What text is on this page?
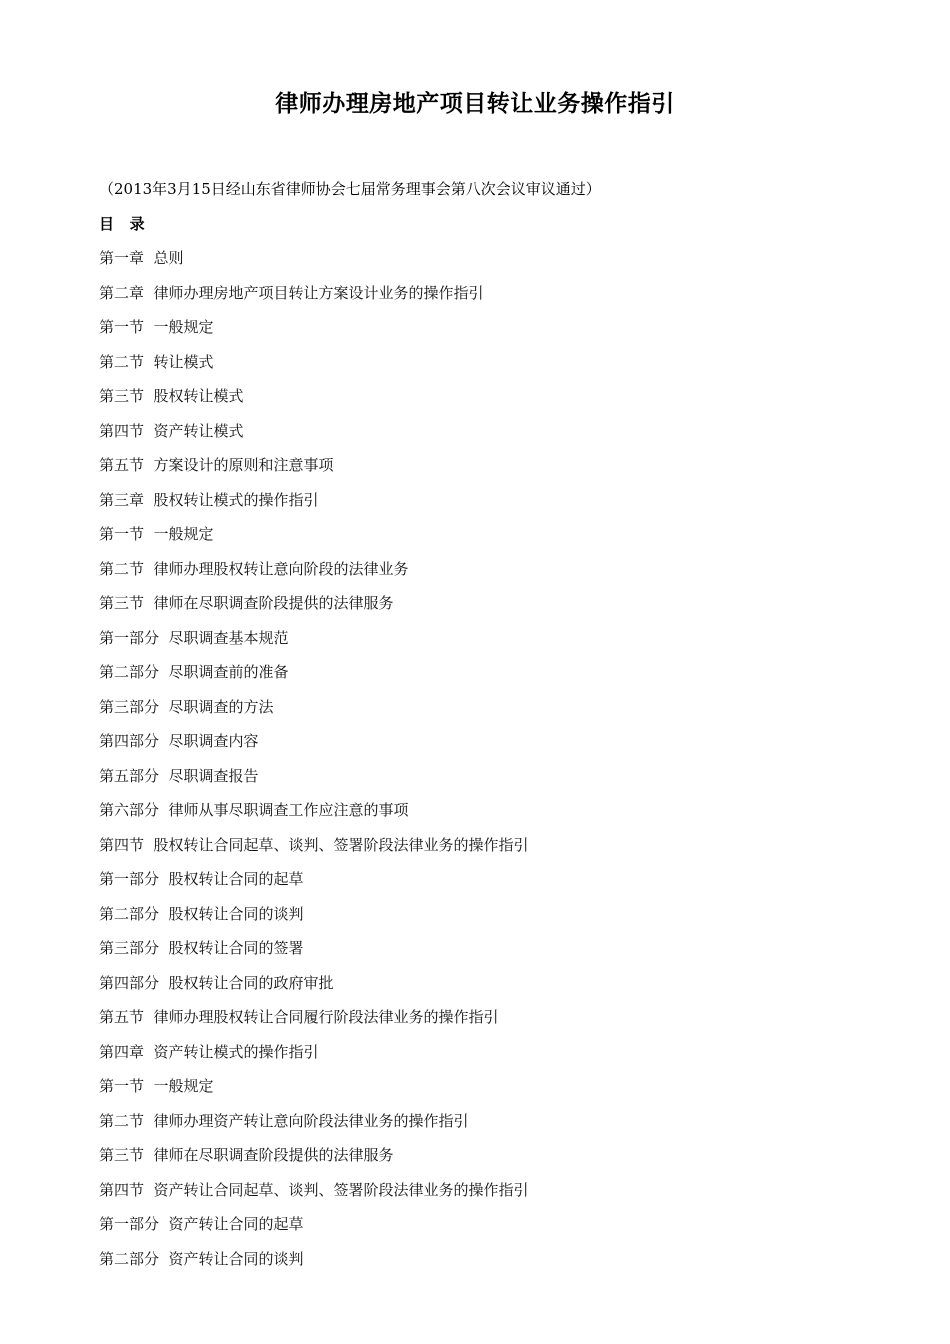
律师办理房地产项目转让业务操作指引
（2013年3月15日经山东省律师协会七届常务理事会第八次会议审议通过）
目   录
第一章  总则
第二章  律师办理房地产项目转让方案设计业务的操作指引
第一节  一般规定
第二节  转让模式
第三节  股权转让模式
第四节  资产转让模式
第五节  方案设计的原则和注意事项
第三章  股权转让模式的操作指引
第一节  一般规定
第二节  律师办理股权转让意向阶段的法律业务
第三节  律师在尽职调查阶段提供的法律服务
第一部分  尽职调查基本规范
第二部分  尽职调查前的准备
第三部分  尽职调查的方法
第四部分  尽职调查内容
第五部分  尽职调查报告
第六部分  律师从事尽职调查工作应注意的事项
第四节  股权转让合同起草、谈判、签署阶段法律业务的操作指引
第一部分  股权转让合同的起草
第二部分  股权转让合同的谈判
第三部分  股权转让合同的签署
第四部分  股权转让合同的政府审批
第五节  律师办理股权转让合同履行阶段法律业务的操作指引
第四章  资产转让模式的操作指引
第一节  一般规定
第二节  律师办理资产转让意向阶段法律业务的操作指引
第三节  律师在尽职调查阶段提供的法律服务
第四节  资产转让合同起草、谈判、签署阶段法律业务的操作指引
第一部分  资产转让合同的起草
第二部分  资产转让合同的谈判
